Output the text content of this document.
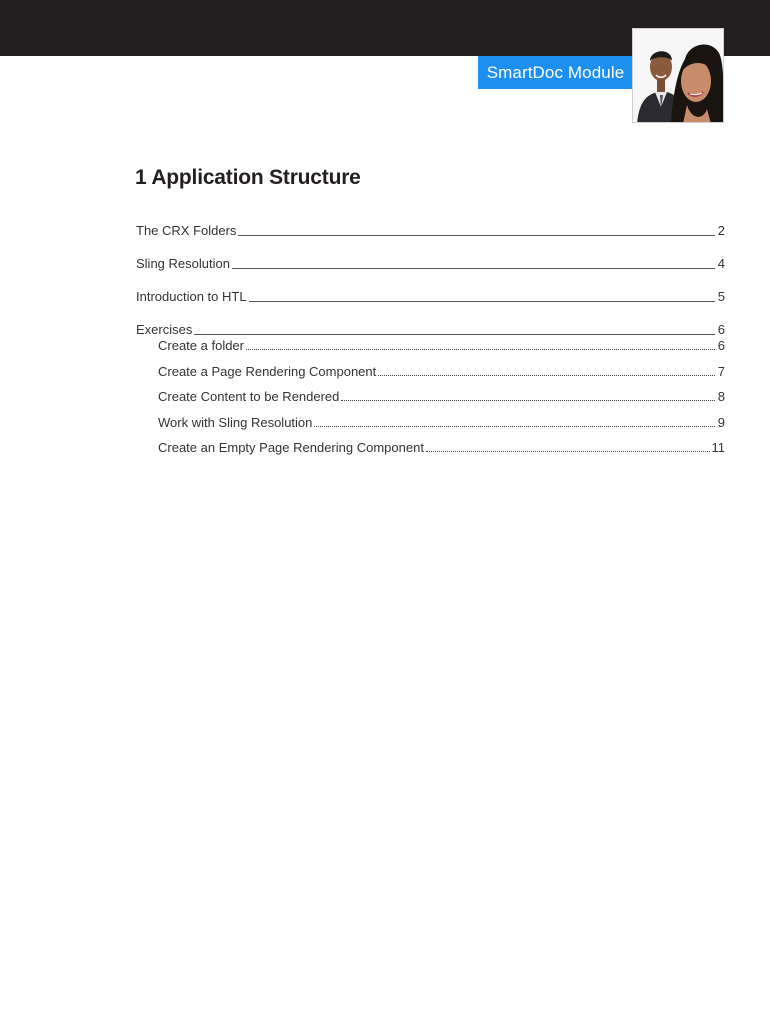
SmartDoc Module
1 Application Structure
The CRX Folders	2
Sling Resolution	4
Introduction to HTL	5
Exercises	6
Create a folder	6
Create a Page Rendering Component	7
Create Content to be Rendered	8
Work with Sling Resolution	9
Create an Empty Page Rendering Component	11
